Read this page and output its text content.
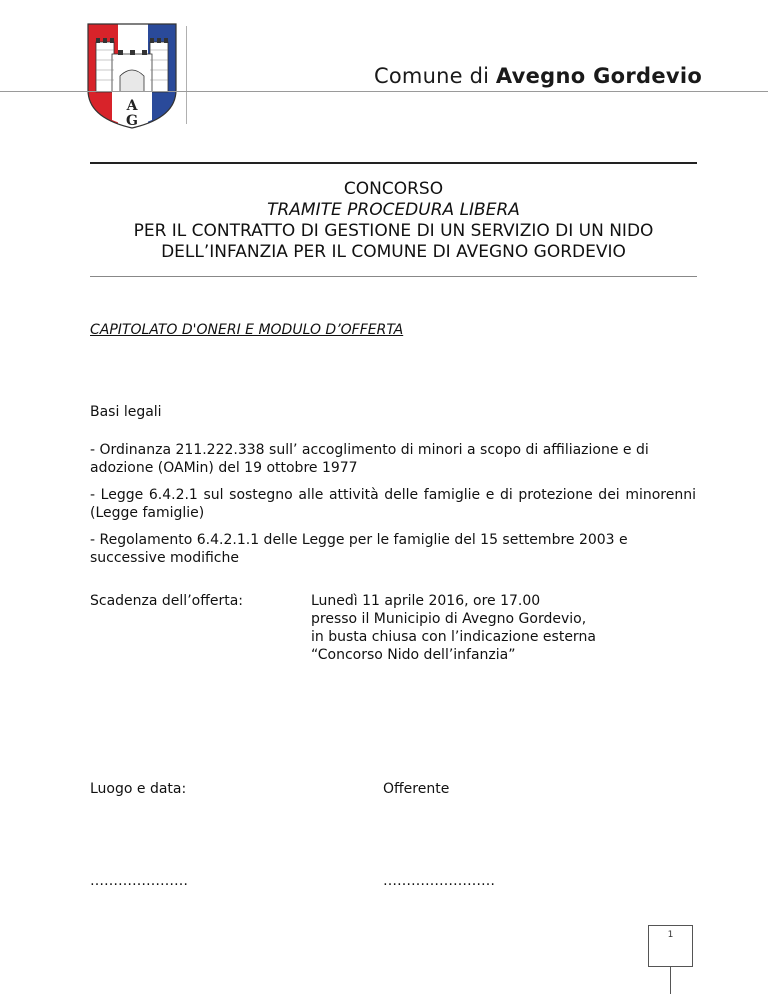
A
G
Comune di Avegno Gordevio
CONCORSO
TRAMITE PROCEDURA LIBERA
PER IL CONTRATTO DI GESTIONE DI UN SERVIZIO DI UN NIDO
DELL’INFANZIA PER IL COMUNE DI AVEGNO GORDEVIO
CAPITOLATO D'ONERI E MODULO D’OFFERTA
Basi legali
- Ordinanza 211.222.338 sull’ accoglimento di minori a scopo di affiliazione e di adozione (OAMin) del 19 ottobre 1977
- Legge 6.4.2.1 sul sostegno alle attività delle famiglie e di protezione dei minorenni (Legge famiglie)
- Regolamento 6.4.2.1.1 delle Legge per le famiglie del 15 settembre 2003 e successive modifiche
Scadenza dell’offerta:	Lunedì 11 aprile 2016, ore 17.00
presso il Municipio di Avegno Gordevio,
in busta chiusa con l’indicazione esterna
“Concorso Nido dell’infanzia”
Luogo e data:	Offerente
…………………	……………………
1
